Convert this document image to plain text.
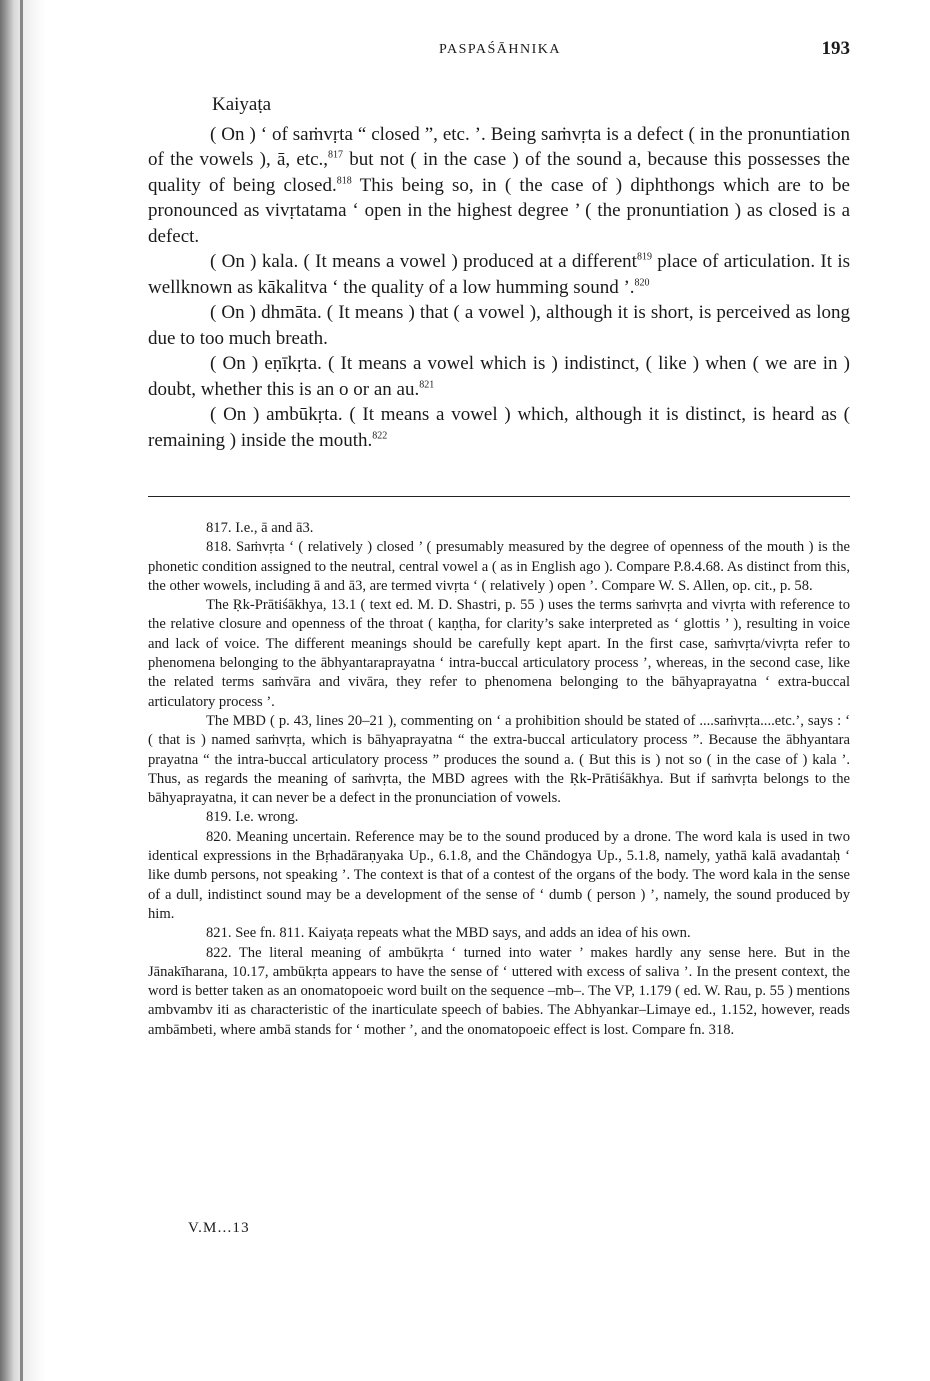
PASPAŚĀHNIKA	193

Kaiyaṭa

( On ) ‘ of saṁvṛta “ closed ”, etc. ’. Being saṁvṛta is a defect ( in the pronuntiation of the vowels ), ā, etc.,$^{817}$ but not ( in the case ) of the sound a, because this possesses the quality of being closed.$^{818}$ This being so, in ( the case of ) diphthongs which are to be pronounced as vivṛtatama ‘ open in the highest degree ’ ( the pronuntiation ) as closed is a defect.

( On ) kala. ( It means a vowel ) produced at a different$^{819}$ place of articulation. It is wellknown as kākalitva ‘ the quality of a low humming sound ’.$^{820}$

( On ) dhmāta. ( It means ) that ( a vowel ), although it is short, is perceived as long due to too much breath.

( On ) eṇīkṛta. ( It means a vowel which is ) indistinct, ( like ) when ( we are in ) doubt, whether this is an o or an au.$^{821}$

( On ) ambūkṛta. ( It means a vowel ) which, although it is distinct, is heard as ( remaining ) inside the mouth.$^{822}$

817. I.e., ā and ā3.

818. Saṁvṛta ‘ ( relatively ) closed ’ ( presumably measured by the degree of openness of the mouth ) is the phonetic condition assigned to the neutral, central vowel a ( as in English ago ). Compare P.8.4.68. As distinct from this, the other wowels, including ā and ā3, are termed vivṛta ‘ ( relatively ) open ’. Compare W. S. Allen, op. cit., p. 58.

The Ṛk-Prātiśākhya, 13.1 ( text ed. M. D. Shastri, p. 55 ) uses the terms saṁvṛta and vivṛta with reference to the relative closure and openness of the throat ( kaṇṭha, for clarity’s sake interpreted as ‘ glottis ’ ), resulting in voice and lack of voice. The different meanings should be carefully kept apart. In the first case, saṁvṛta/vivṛta refer to phenomena belonging to the ābhyantaraprayatna ‘ intra-buccal articulatory process ’, whereas, in the second case, like the related terms saṁvāra and vivāra, they refer to phenomena belonging to the bāhyaprayatna ‘ extra-buccal articulatory process ’.

The MBD ( p. 43, lines 20–21 ), commenting on ‘ a prohibition should be stated of ....saṁvṛta....etc.’, says : ‘ ( that is ) named saṁvṛta, which is bāhyaprayatna “ the extra-buccal articulatory process ”. Because the ābhyantara prayatna “ the intra-buccal articulatory process ” produces the sound a. ( But this is ) not so ( in the case of ) kala ’. Thus, as regards the meaning of saṁvṛta, the MBD agrees with the Ṛk-Prātiśākhya. But if saṁvṛta belongs to the bāhyaprayatna, it can never be a defect in the pronunciation of vowels.

819. I.e. wrong.

820. Meaning uncertain. Reference may be to the sound produced by a drone. The word kala is used in two identical expressions in the Bṛhadāraṇyaka Up., 6.1.8, and the Chāndogya Up., 5.1.8, namely, yathā kalā avadantaḥ ‘ like dumb persons, not speaking ’. The context is that of a contest of the organs of the body. The word kala in the sense of a dull, indistinct sound may be a development of the sense of ‘ dumb ( person ) ’, namely, the sound produced by him.

821. See fn. 811. Kaiyaṭa repeats what the MBD says, and adds an idea of his own.

822. The literal meaning of ambūkṛta ‘ turned into water ’ makes hardly any sense here. But in the Jānakīharana, 10.17, ambūkṛta appears to have the sense of ‘ uttered with excess of saliva ’. In the present context, the word is better taken as an onomatopoeic word built on the sequence –mb–. The VP, 1.179 ( ed. W. Rau, p. 55 ) mentions ambvambv iti as characteristic of the inarticulate speech of babies. The Abhyankar–Limaye ed., 1.152, however, reads ambāmbeti, where ambā stands for ‘ mother ’, and the onomatopoeic effect is lost. Compare fn. 318.

V.M...13
